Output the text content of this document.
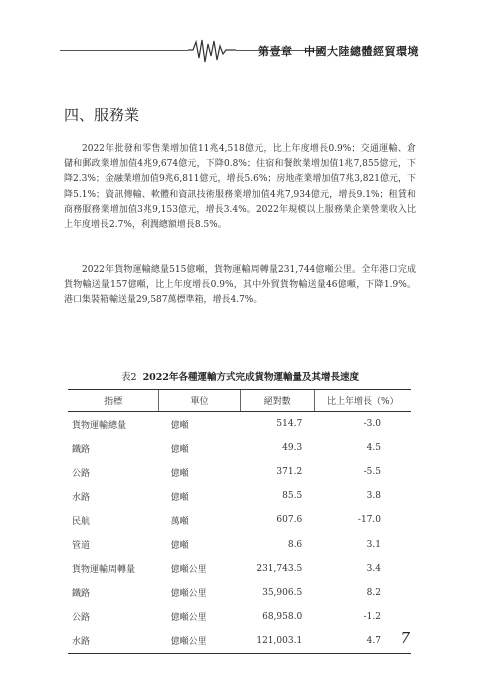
第壹章　中國大陸總體經貿環境
四、服務業
2022年批發和零售業增加值11兆4,518億元，比上年度增長0.9%；交通運輸、倉儲和郵政業增加值4兆9,674億元，下降0.8%；住宿和餐飲業增加值1兆7,855億元，下降2.3%；金融業增加值9兆6,811億元，增長5.6%；房地產業增加值7兆3,821億元，下降5.1%；資訊傳輸、軟體和資訊技術服務業增加值4兆7,934億元，增長9.1%；租賃和商務服務業增加值3兆9,153億元，增長3.4%。2022年規模以上服務業企業營業收入比上年度增長2.7%，利潤總額增長8.5%。
2022年貨物運輸總量515億噸，貨物運輸周轉量231,744億噸公里。全年港口完成貨物輸送量157億噸，比上年度增長0.9%，其中外貿貨物輸送量46億噸，下降1.9%。港口集裝箱輸送量29,587萬標準箱，增長4.7%。
表2 2022年各種運輸方式完成貨物運輸量及其增長速度
指標	單位	絕對數	比上年增長（%）
貨物運輸總量	億噸	514.7	-3.0
鐵路	億噸	49.3	4.5
公路	億噸	371.2	-5.5
水路	億噸	85.5	3.8
民航	萬噸	607.6	-17.0
管道	億噸	8.6	3.1
貨物運輸周轉量	億噸公里	231,743.5	3.4
鐵路	億噸公里	35,906.5	8.2
公路	億噸公里	68,958.0	-1.2
水路	億噸公里	121,003.1	4.7 7
